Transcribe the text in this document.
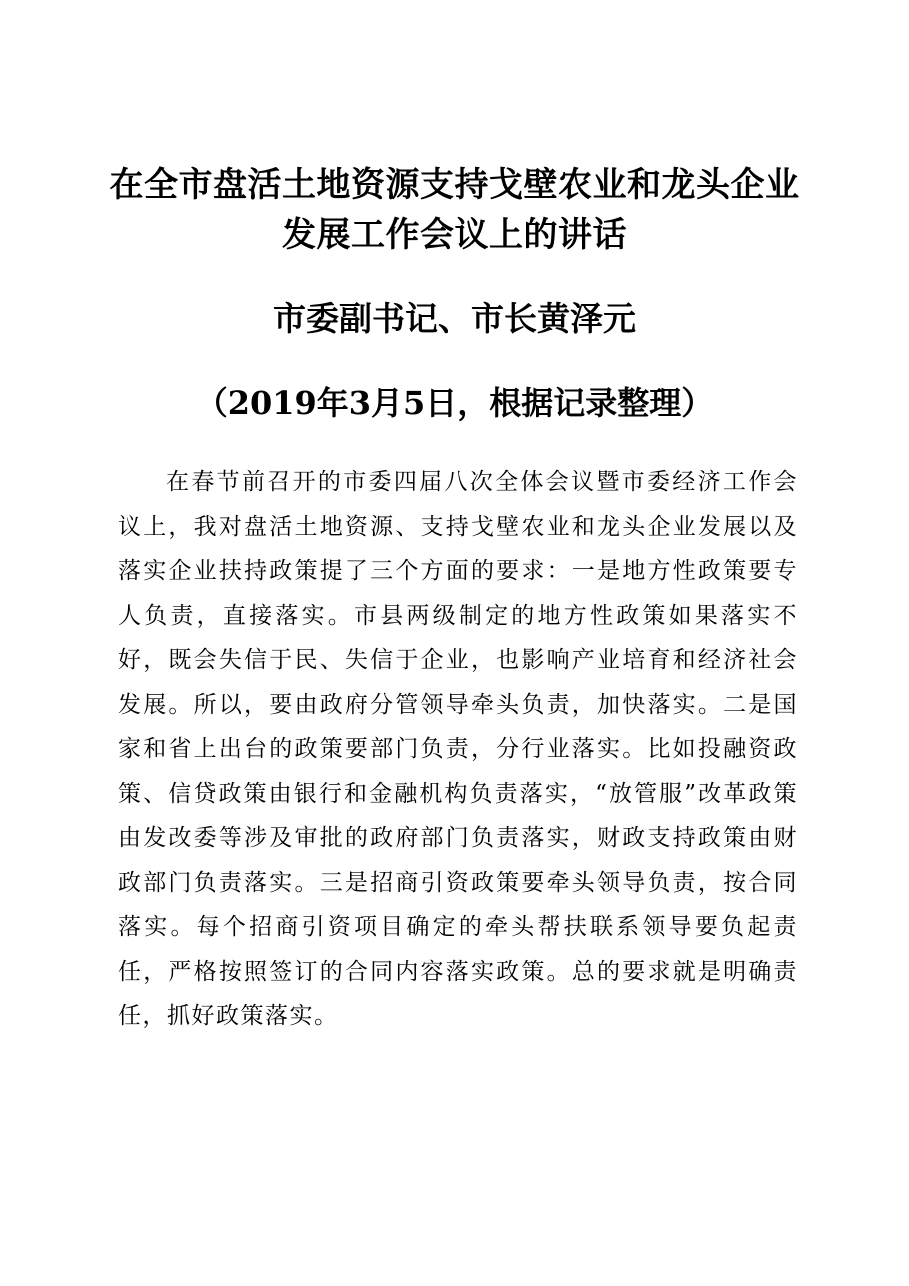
在全市盘活土地资源支持戈壁农业和龙头企业
发展工作会议上的讲话
市委副书记、市长黄泽元
（2019年3月5日，根据记录整理）

在春节前召开的市委四届八次全体会议暨市委经济工作会议上，我对盘活土地资源、支持戈壁农业和龙头企业发展以及落实企业扶持政策提了三个方面的要求：一是地方性政策要专人负责，直接落实。市县两级制定的地方性政策如果落实不好，既会失信于民、失信于企业，也影响产业培育和经济社会发展。所以，要由政府分管领导牵头负责，加快落实。二是国家和省上出台的政策要部门负责，分行业落实。比如投融资政策、信贷政策由银行和金融机构负责落实，“放管服”改革政策由发改委等涉及审批的政府部门负责落实，财政支持政策由财政部门负责落实。三是招商引资政策要牵头领导负责，按合同落实。每个招商引资项目确定的牵头帮扶联系领导要负起责任，严格按照签订的合同内容落实政策。总的要求就是明确责任，抓好政策落实。
